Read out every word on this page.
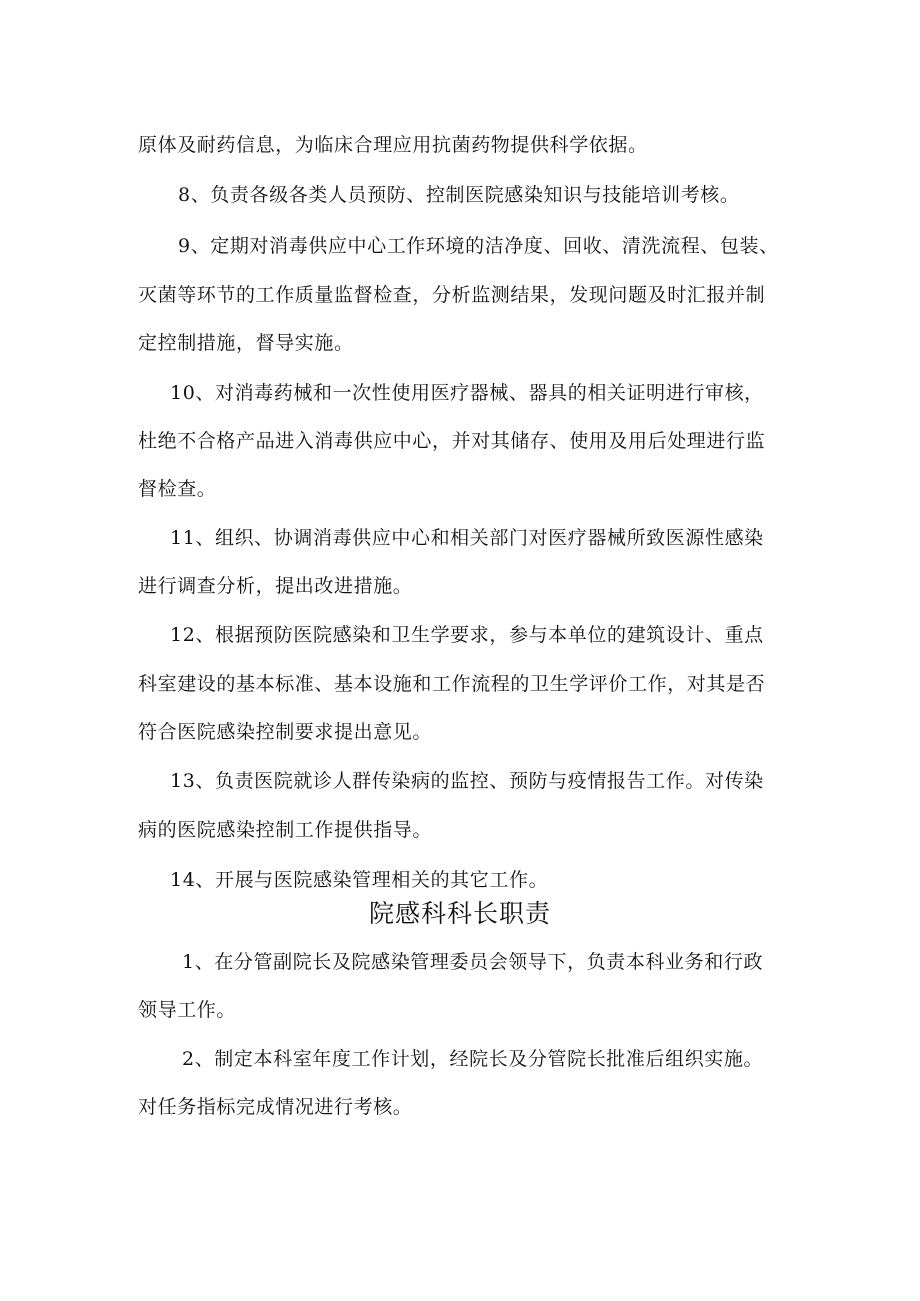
原体及耐药信息，为临床合理应用抗菌药物提供科学依据。
8、负责各级各类人员预防、控制医院感染知识与技能培训考核。
9、定期对消毒供应中心工作环境的洁净度、回收、清洗流程、包装、
灭菌等环节的工作质量监督检查，分析监测结果，发现问题及时汇报并制
定控制措施，督导实施。
10、对消毒药械和一次性使用医疗器械、器具的相关证明进行审核，
杜绝不合格产品进入消毒供应中心，并对其储存、使用及用后处理进行监
督检查。
11、组织、协调消毒供应中心和相关部门对医疗器械所致医源性感染
进行调查分析，提出改进措施。
12、根据预防医院感染和卫生学要求，参与本单位的建筑设计、重点
科室建设的基本标准、基本设施和工作流程的卫生学评价工作，对其是否
符合医院感染控制要求提出意见。
13、负责医院就诊人群传染病的监控、预防与疫情报告工作。对传染
病的医院感染控制工作提供指导。
14、开展与医院感染管理相关的其它工作。
院感科科长职责
1、在分管副院长及院感染管理委员会领导下，负责本科业务和行政
领导工作。
2、制定本科室年度工作计划，经院长及分管院长批准后组织实施。
对任务指标完成情况进行考核。
